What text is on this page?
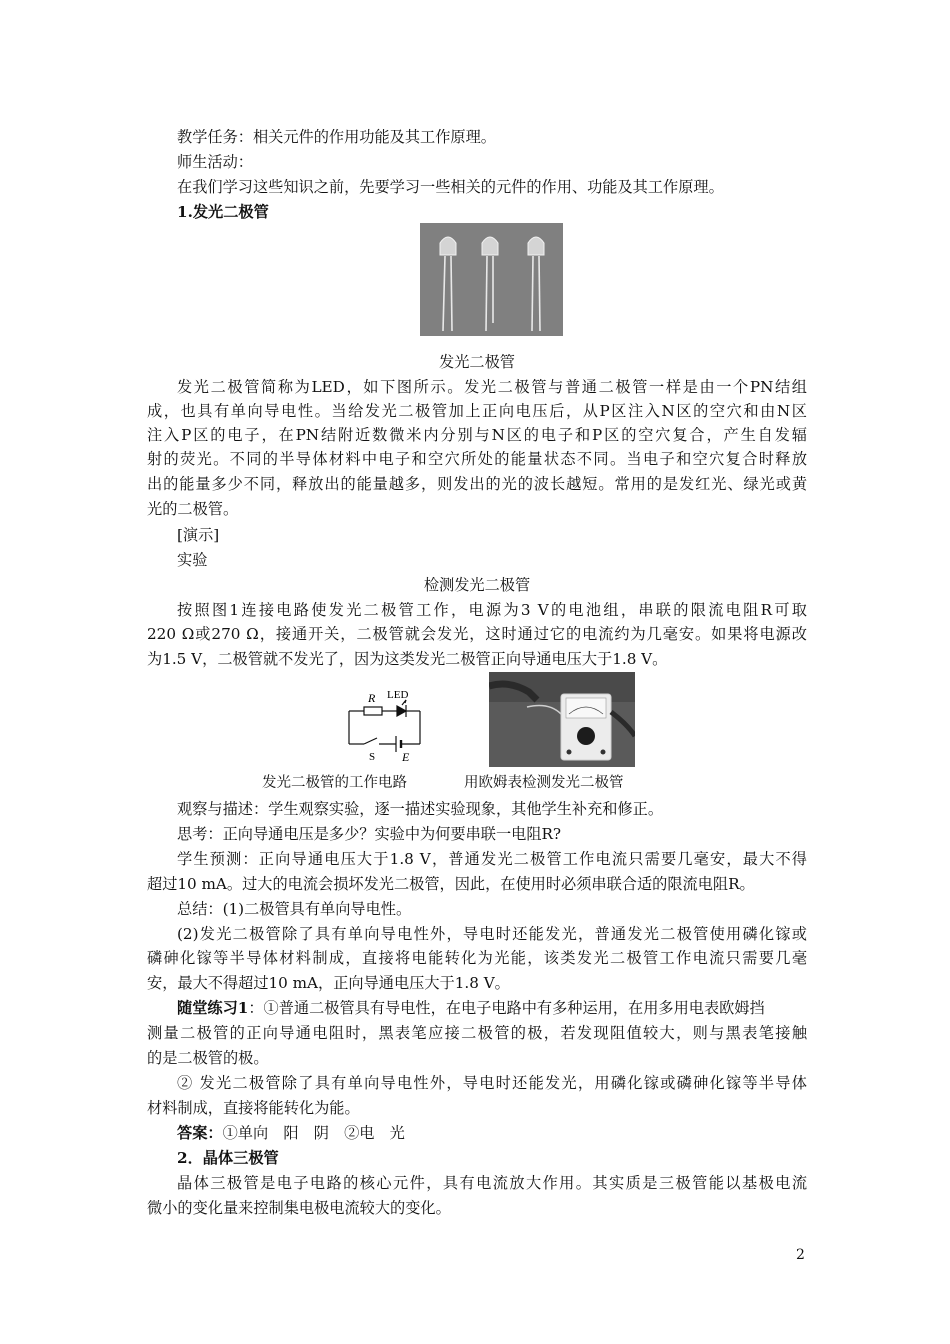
教学任务：相关元件的作用功能及其工作原理。
师生活动：
在我们学习这些知识之前，先要学习一些相关的元件的作用、功能及其工作原理。
1.发光二极管
发光二极管
发光二极管简称为LED，如下图所示。发光二极管与普通二极管一样是由一个PN结组
成，也具有单向导电性。当给发光二极管加上正向电压后，从P区注入N区的空穴和由N区
注入P区的电子，在PN结附近数微米内分别与N区的电子和P区的空穴复合，产生自发辐
射的荧光。不同的半导体材料中电子和空穴所处的能量状态不同。当电子和空穴复合时释放
出的能量多少不同，释放出的能量越多，则发出的光的波长越短。常用的是发红光、绿光或黄
光的二极管。
[演示]
实验
检测发光二极管
按照图1连接电路使发光二极管工作，电源为3 V的电池组，串联的限流电阻R可取
220 Ω或270 Ω，接通开关，二极管就会发光，这时通过它的电流约为几毫安。如果将电源改
为1.5 V，二极管就不发光了，因为这类发光二极管正向导通电压大于1.8 V。
R LED
S E
发光二极管的工作电路	用欧姆表检测发光二极管
观察与描述：学生观察实验，逐一描述实验现象，其他学生补充和修正。
思考：正向导通电压是多少？实验中为何要串联一电阻R?
学生预测：正向导通电压大于1.8 V，普通发光二极管工作电流只需要几毫安，最大不得
超过10 mA。过大的电流会损坏发光二极管，因此，在使用时必须串联合适的限流电阻R。
总结：(1)二极管具有单向导电性。
(2)发光二极管除了具有单向导电性外，导电时还能发光，普通发光二极管使用磷化镓或
磷砷化镓等半导体材料制成，直接将电能转化为光能，该类发光二极管工作电流只需要几毫
安，最大不得超过10 mA，正向导通电压大于1.8 V。
随堂练习1：①普通二极管具有导电性，在电子电路中有多种运用，在用多用电表欧姆挡
测量二极管的正向导通电阻时，黑表笔应接二极管的极，若发现阻值较大，则与黑表笔接触
的是二极管的极。
② 发光二极管除了具有单向导电性外，导电时还能发光，用磷化镓或磷砷化镓等半导体
材料制成，直接将能转化为能。
答案：①单向　阳　阴　②电　光
2．晶体三极管
晶体三极管是电子电路的核心元件，具有电流放大作用。其实质是三极管能以基极电流
微小的变化量来控制集电极电流较大的变化。
2
